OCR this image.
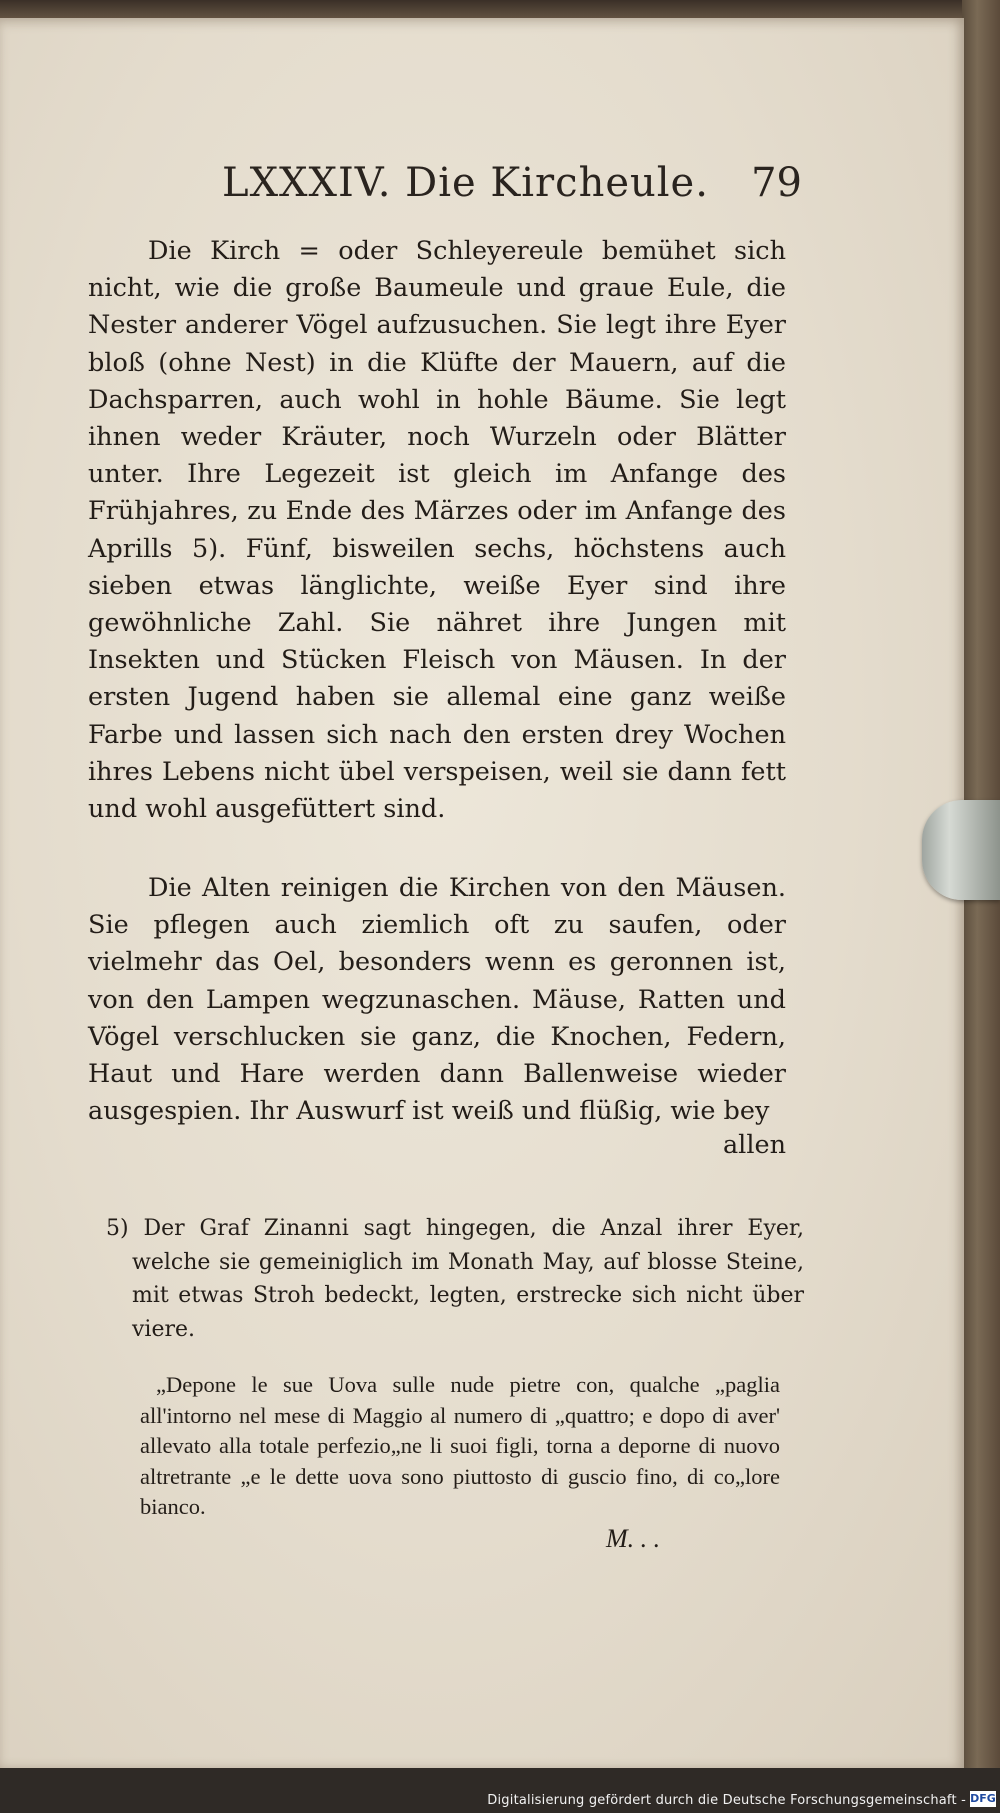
LXXXIV. Die Kircheule. 79
Die Kirch = oder Schleyereule bemühet sich nicht, wie die große Baumeule und graue Eule, die Nester anderer Vögel aufzusuchen. Sie legt ihre Eyer bloß (ohne Nest) in die Klüfte der Mauern, auf die Dachsparren, auch wohl in hohle Bäume. Sie legt ihnen weder Kräuter, noch Wurzeln oder Blätter unter. Ihre Legezeit ist gleich im Anfange des Frühjahres, zu Ende des Märzes oder im Anfange des Aprills 5). Fünf, bisweilen sechs, höchstens auch sieben etwas länglichte, weiße Eyer sind ihre gewöhnliche Zahl. Sie nähret ihre Jungen mit Insekten und Stücken Fleisch von Mäusen. In der ersten Jugend haben sie allemal eine ganz weiße Farbe und lassen sich nach den ersten drey Wochen ihres Lebens nicht übel verspeisen, weil sie dann fett und wohl ausgefüttert sind.
Die Alten reinigen die Kirchen von den Mäusen. Sie pflegen auch ziemlich oft zu saufen, oder vielmehr das Oel, besonders wenn es geronnen ist, von den Lampen wegzunaschen. Mäuse, Ratten und Vögel verschlucken sie ganz, die Knochen, Federn, Haut und Hare werden dann Ballenweise wieder ausgespien. Ihr Auswurf ist weiß und flüßig, wie bey
allen
5) Der Graf Zinanni sagt hingegen, die Anzal ihrer Eyer, welche sie gemeiniglich im Monath May, auf blosse Steine, mit etwas Stroh bedeckt, legten, erstrecke sich nicht über viere.
„Depone le sue Uova sulle nude pietre con, qualche „paglia all'intorno nel mese di Maggio al numero di „quattro; e dopo di aver' allevato alla totale perfezio„ne li suoi figli, torna a deporne di nuovo altretrante „e le dette uova sono piuttosto di guscio fino, di co„lore bianco.
M. . .
Digitalisierung gefördert durch die Deutsche Forschungsgemeinschaft - DFG
